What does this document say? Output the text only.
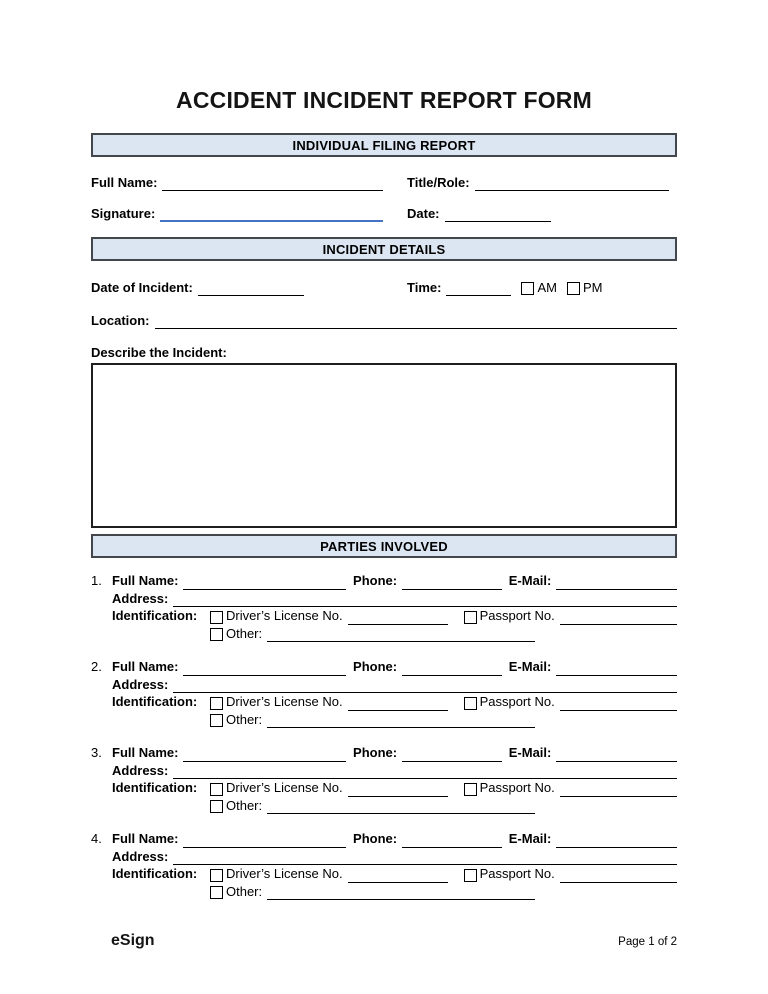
ACCIDENT INCIDENT REPORT FORM
INDIVIDUAL FILING REPORT
Full Name:	Title/Role:
Signature:	Date:
INCIDENT DETAILS
Date of Incident:	Time:	AM PM
Location:
Describe the Incident:
PARTIES INVOLVED
1. Full Name:	Phone:	E-Mail:
Address:
Identification:	Driver’s License No.	Passport No.
Other:
2. Full Name:	Phone:	E-Mail:
Address:
Identification:	Driver’s License No.	Passport No.
Other:
3. Full Name:	Phone:	E-Mail:
Address:
Identification:	Driver’s License No.	Passport No.
Other:
4. Full Name:	Phone:	E-Mail:
Address:
Identification:	Driver’s License No.	Passport No.
Other:
eSign	Page 1 of 2
